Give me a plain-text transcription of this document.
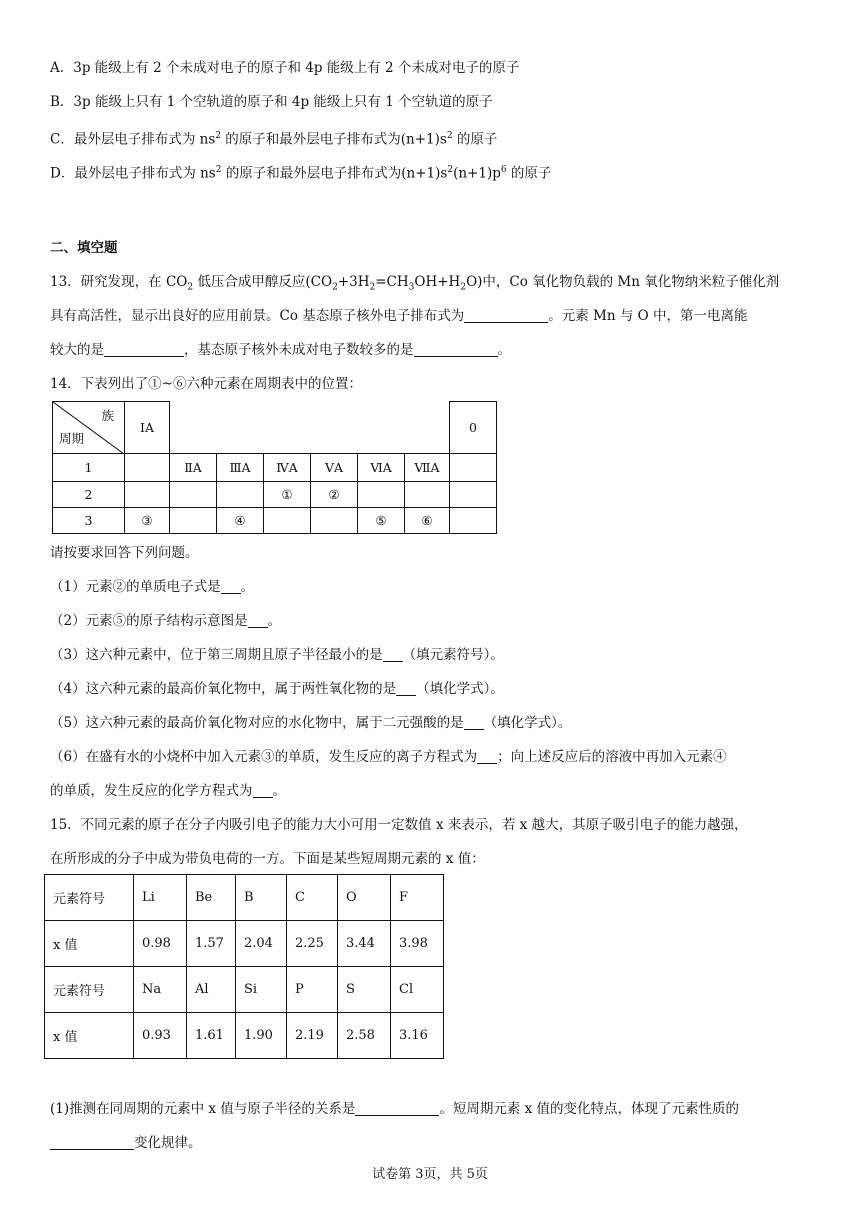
A．3p 能级上有 2 个未成对电子的原子和 4p 能级上有 2 个未成对电子的原子
B．3p 能级上只有 1 个空轨道的原子和 4p 能级上只有 1 个空轨道的原子
C．最外层电子排布式为 $ns^2$ 的原子和最外层电子排布式为$(n+1)s^2$ 的原子
D．最外层电子排布式为 $ns^2$ 的原子和最外层电子排布式为$(n+1)s^2(n+1)p^6$ 的原子
二、填空题
13．研究发现，在 $CO_2$ 低压合成甲醇反应$(CO_2+3H_2=CH_3OH+H_2O)$中，Co 氧化物负载的 Mn 氧化物纳米粒子催化剂
具有高活性，显示出良好的应用前景。Co 基态原子核外电子排布式为	。元素 Mn 与 O 中，第一电离能
较大的是	，基态原子核外未成对电子数较多的是	。
14．下表列出了①~⑥六种元素在周期表中的位置：
族
周期	ⅠA							0
1		ⅡA	ⅢA	ⅣA	ⅤA	ⅥA	ⅦA	
2				①	②			
3	③		④			⑤	⑥	
请按要求回答下列问题。
（1）元素②的单质电子式是 。
（2）元素⑤的原子结构示意图是 。
（3）这六种元素中，位于第三周期且原子半径最小的是 （填元素符号）。
（4）这六种元素的最高价氧化物中，属于两性氧化物的是 （填化学式）。
（5）这六种元素的最高价氧化物对应的水化物中，属于二元强酸的是 （填化学式）。
（6）在盛有水的小烧杯中加入元素③的单质，发生反应的离子方程式为 ；向上述反应后的溶液中再加入元素④
的单质，发生反应的化学方程式为 。
15．不同元素的原子在分子内吸引电子的能力大小可用一定数值 x 来表示，若 x 越大，其原子吸引电子的能力越强，
在所形成的分子中成为带负电荷的一方。下面是某些短周期元素的 x 值：
元素符号	Li	Be	B	C	O	F
x 值	0.98	1.57	2.04	2.25	3.44	3.98
元素符号	Na	Al	Si	P	S	Cl
x 值	0.93	1.61	1.90	2.19	2.58	3.16
(1)推测在同周期的元素中 x 值与原子半径的关系是	。短周期元素 x 值的变化特点，体现了元素性质的
变化规律。
试卷第 3页，共 5页
